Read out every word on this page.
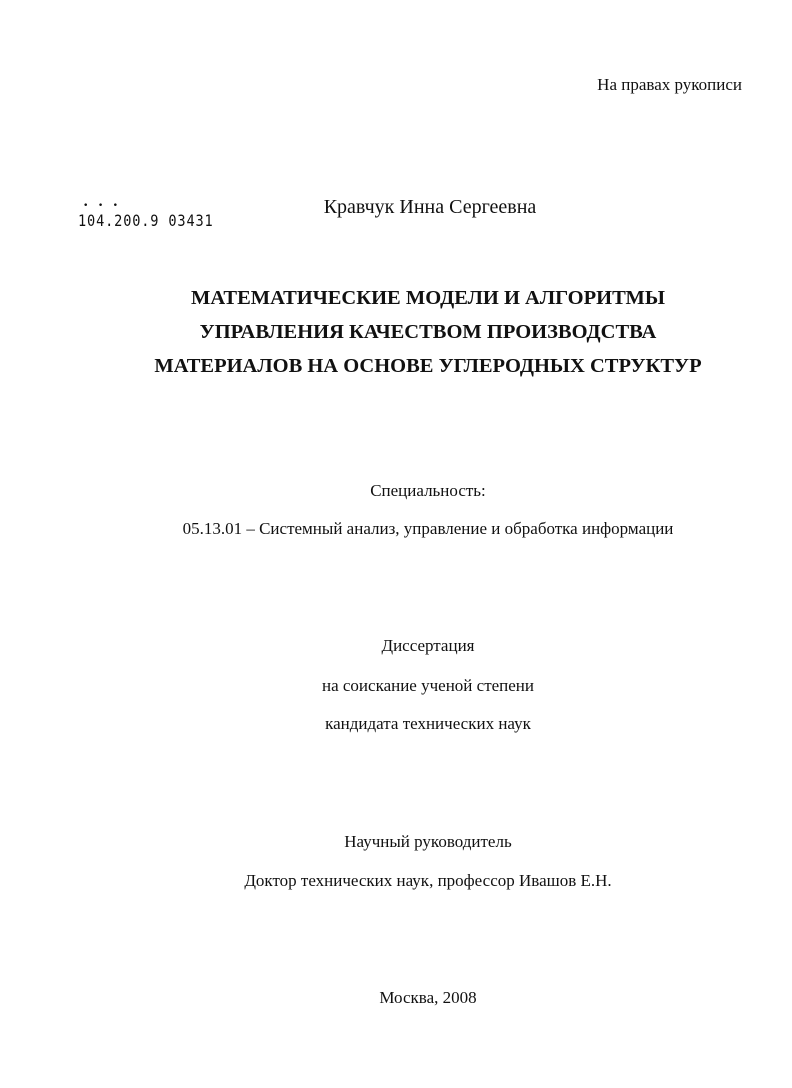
На правах рукописи
• • •
104.200.9 03431
Кравчук Инна Сергеевна
МАТЕМАТИЧЕСКИЕ МОДЕЛИ И АЛГОРИТМЫ
УПРАВЛЕНИЯ КАЧЕСТВОМ ПРОИЗВОДСТВА
МАТЕРИАЛОВ НА ОСНОВЕ УГЛЕРОДНЫХ СТРУКТУР
Специальность:
05.13.01 – Системный анализ, управление и обработка информации
Диссертация
на соискание ученой степени
кандидата технических наук
Научный руководитель
Доктор технических наук, профессор Ивашов Е.Н.
Москва, 2008
